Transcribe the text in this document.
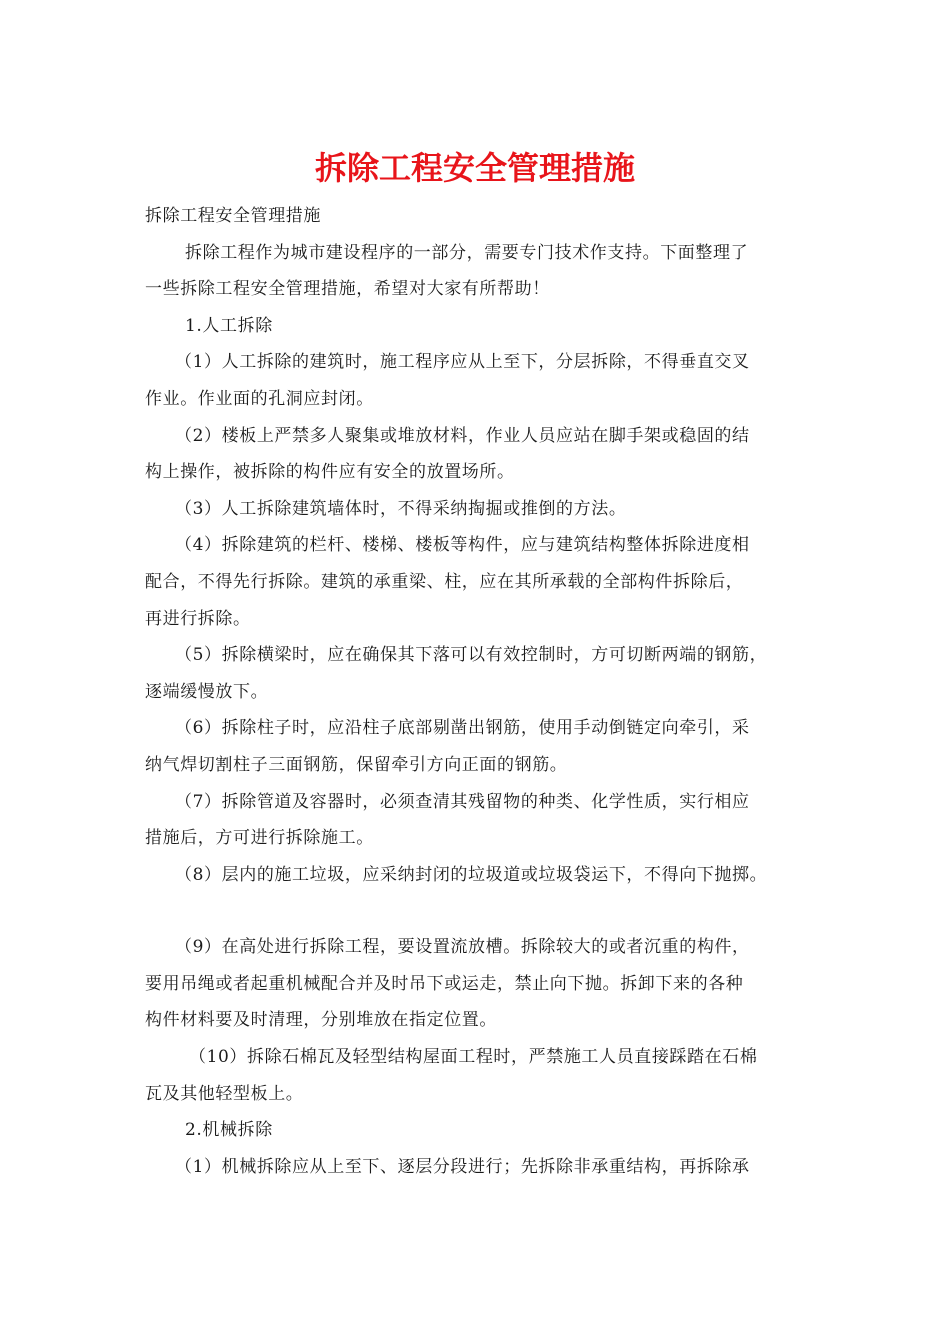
拆除工程安全管理措施

拆除工程安全管理措施

拆除工程作为城市建设程序的一部分，需要专门技术作支持。下面整理了

一些拆除工程安全管理措施，希望对大家有所帮助！

1.人工拆除

（1）人工拆除的建筑时，施工程序应从上至下，分层拆除，不得垂直交叉

作业。作业面的孔洞应封闭。

（2）楼板上严禁多人聚集或堆放材料，作业人员应站在脚手架或稳固的结

构上操作，被拆除的构件应有安全的放置场所。

（3）人工拆除建筑墙体时，不得采纳掏掘或推倒的方法。

（4）拆除建筑的栏杆、楼梯、楼板等构件，应与建筑结构整体拆除进度相

配合，不得先行拆除。建筑的承重梁、柱，应在其所承载的全部构件拆除后，

再进行拆除。

（5）拆除横梁时，应在确保其下落可以有效控制时，方可切断两端的钢筋，

逐端缓慢放下。

（6）拆除柱子时，应沿柱子底部剔凿出钢筋，使用手动倒链定向牵引，采

纳气焊切割柱子三面钢筋，保留牵引方向正面的钢筋。

（7）拆除管道及容器时，必须查清其残留物的种类、化学性质，实行相应

措施后，方可进行拆除施工。

（8）层内的施工垃圾，应采纳封闭的垃圾道或垃圾袋运下，不得向下抛掷。

（9）在高处进行拆除工程，要设置流放槽。拆除较大的或者沉重的构件，

要用吊绳或者起重机械配合并及时吊下或运走，禁止向下抛。拆卸下来的各种

构件材料要及时清理，分别堆放在指定位置。

（10）拆除石棉瓦及轻型结构屋面工程时，严禁施工人员直接踩踏在石棉

瓦及其他轻型板上。

2.机械拆除

（1）机械拆除应从上至下、逐层分段进行；先拆除非承重结构，再拆除承
